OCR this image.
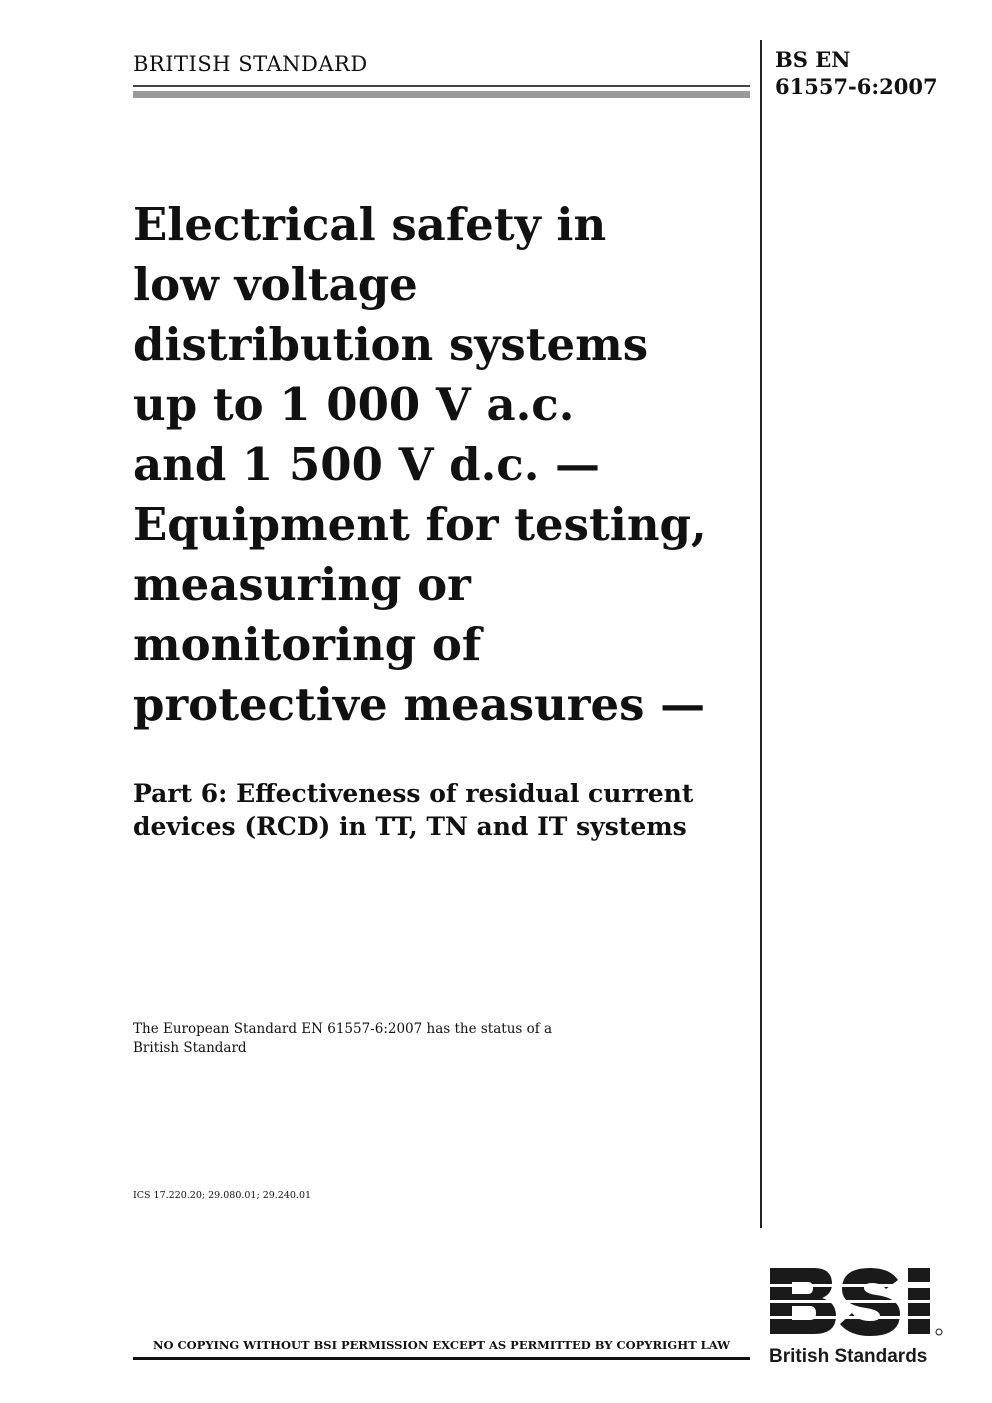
BRITISH STANDARD	BS EN
61557-6:2007
Electrical safety in
low voltage
distribution systems
up to 1 000 V a.c.
and 1 500 V d.c. —
Equipment for testing,
measuring or
monitoring of
protective measures —
Part 6: Effectiveness of residual current
devices (RCD) in TT, TN and IT systems
The European Standard EN 61557-6:2007 has the status of a
British Standard
ICS 17.220.20; 29.080.01; 29.240.01
NO COPYING WITHOUT BSI PERMISSION EXCEPT AS PERMITTED BY COPYRIGHT LAW
British Standards
